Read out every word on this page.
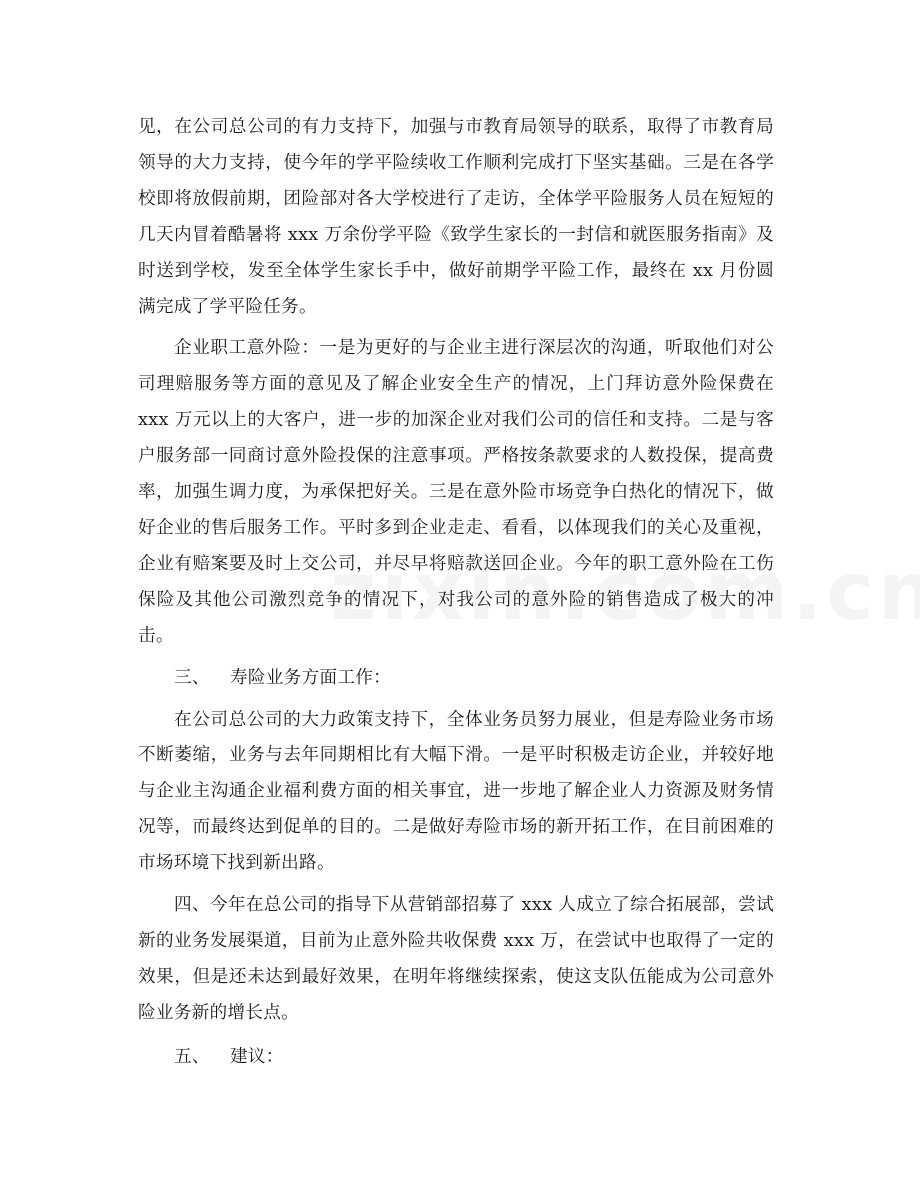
见，在公司总公司的有力支持下，加强与市教育局领导的联系，取得了市教育局领导的大力支持，使今年的学平险续收工作顺利完成打下坚实基础。三是在各学校即将放假前期，团险部对各大学校进行了走访，全体学平险服务人员在短短的几天内冒着酷暑将 xxx 万余份学平险《致学生家长的一封信和就医服务指南》及时送到学校，发至全体学生家长手中，做好前期学平险工作，最终在 xx 月份圆满完成了学平险任务。

企业职工意外险：一是为更好的与企业主进行深层次的沟通，听取他们对公司理赔服务等方面的意见及了解企业安全生产的情况，上门拜访意外险保费在 xxx 万元以上的大客户，进一步的加深企业对我们公司的信任和支持。二是与客户服务部一同商讨意外险投保的注意事项。严格按条款要求的人数投保，提高费率，加强生调力度，为承保把好关。三是在意外险市场竞争白热化的情况下，做好企业的售后服务工作。平时多到企业走走、看看，以体现我们的关心及重视，企业有赔案要及时上交公司，并尽早将赔款送回企业。今年的职工意外险在工伤保险及其他公司激烈竞争的情况下，对我公司的意外险的销售造成了极大的冲击。

三、 寿险业务方面工作：

在公司总公司的大力政策支持下，全体业务员努力展业，但是寿险业务市场不断萎缩，业务与去年同期相比有大幅下滑。一是平时积极走访企业，并较好地与企业主沟通企业福利费方面的相关事宜，进一步地了解企业人力资源及财务情况等，而最终达到促单的目的。二是做好寿险市场的新开拓工作，在目前困难的市场环境下找到新出路。

四、今年在总公司的指导下从营销部招募了 xxx 人成立了综合拓展部，尝试新的业务发展渠道，目前为止意外险共收保费 xxx 万，在尝试中也取得了一定的效果，但是还未达到最好效果，在明年将继续探索，使这支队伍能成为公司意外险业务新的增长点。

五、 建议：
